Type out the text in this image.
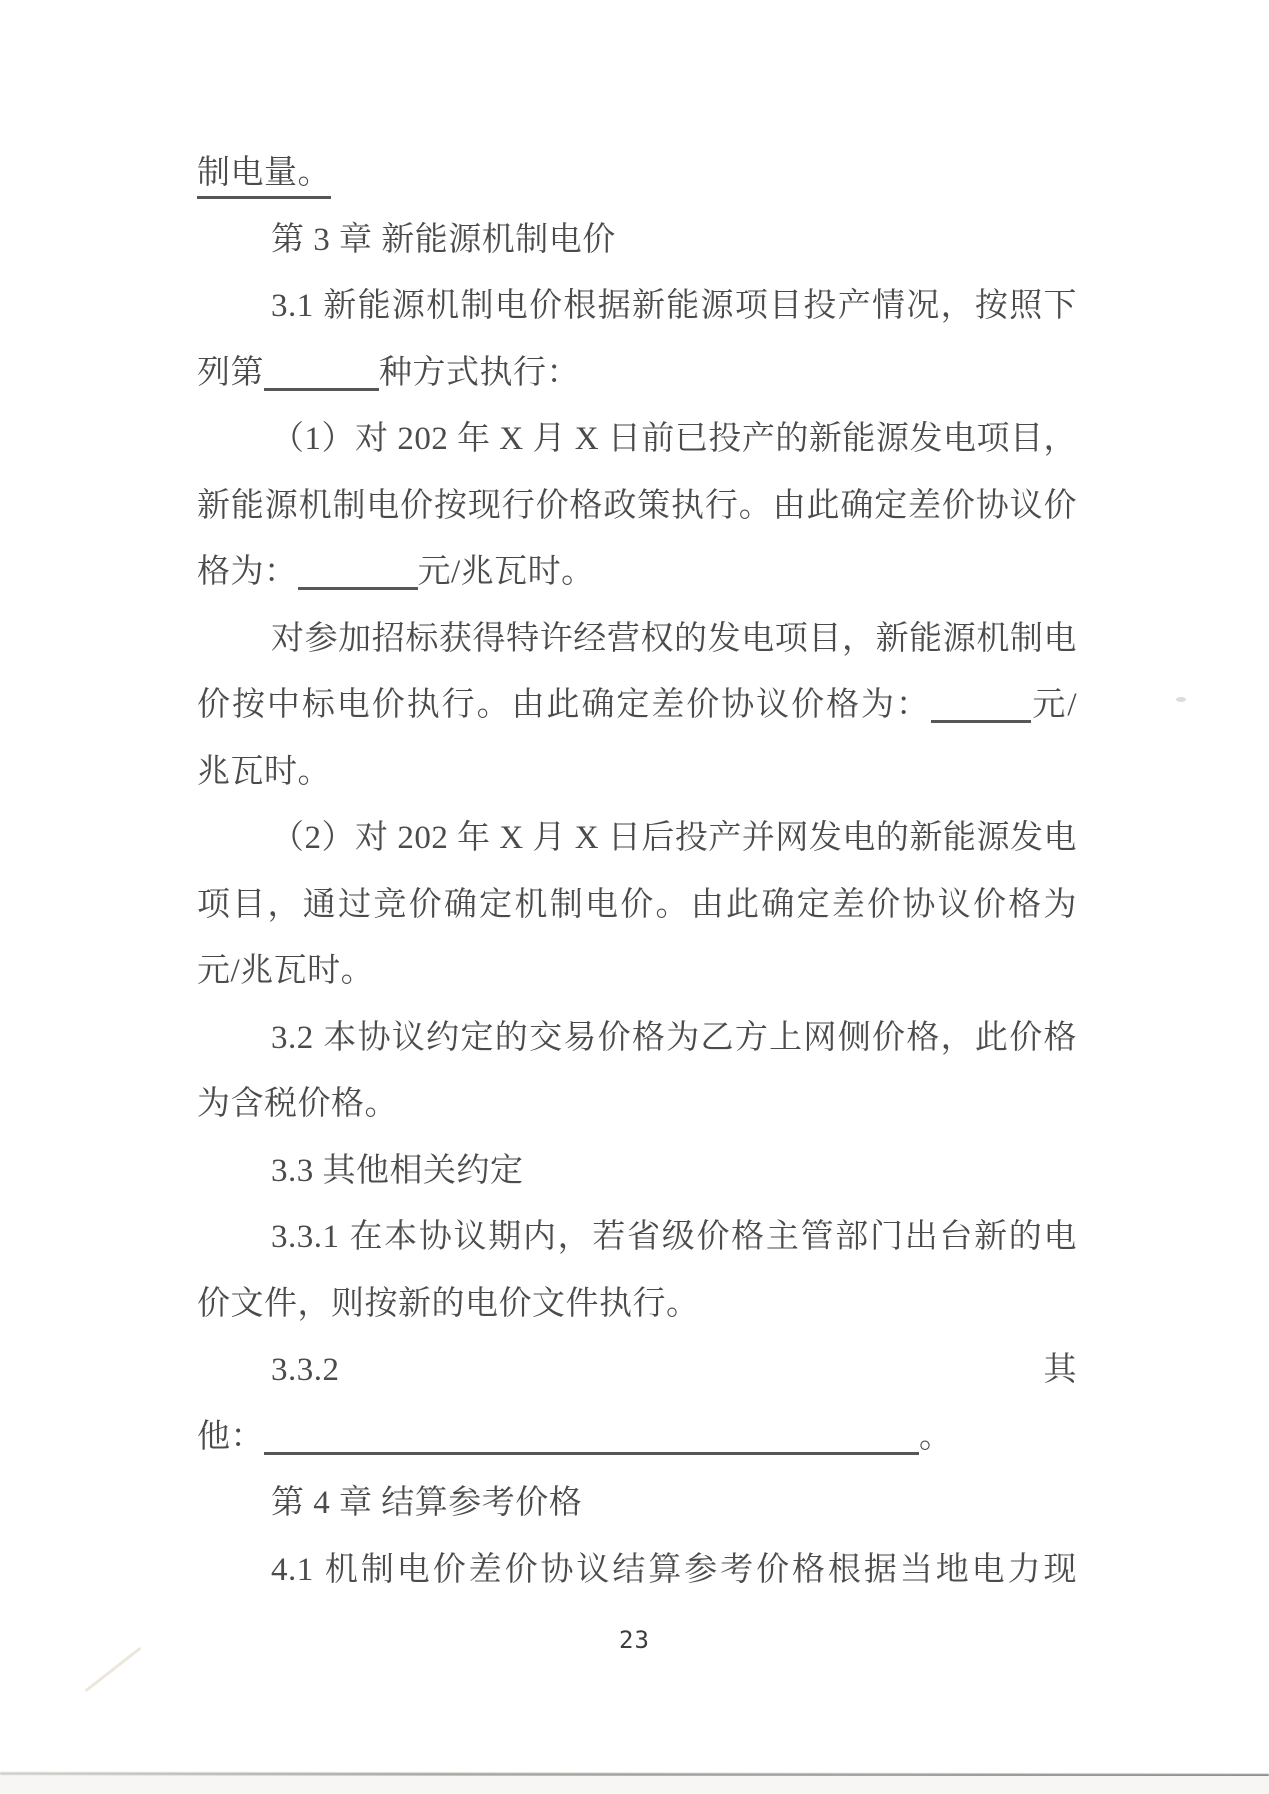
制电量。
第 3 章 新能源机制电价
3.1 新能源机制电价根据新能源项目投产情况，按照下
列第	种方式执行：
（1）对 202 年 X 月 X 日前已投产的新能源发电项目，
新能源机制电价按现行价格政策执行。由此确定差价协议价
格为：	元/兆瓦时。
对参加招标获得特许经营权的发电项目，新能源机制电
价按中标电价执行。由此确定差价协议价格为：	元/
兆瓦时。
（2）对 202 年 X 月 X 日后投产并网发电的新能源发电
项目，通过竞价确定机制电价。由此确定差价协议价格为
元/兆瓦时。
3.2 本协议约定的交易价格为乙方上网侧价格，此价格
为含税价格。
3.3 其他相关约定
3.3.1 在本协议期内，若省级价格主管部门出台新的电
价文件，则按新的电价文件执行。
3.3.2	其
他：	。
第 4 章 结算参考价格
4.1 机制电价差价协议结算参考价格根据当地电力现
23
